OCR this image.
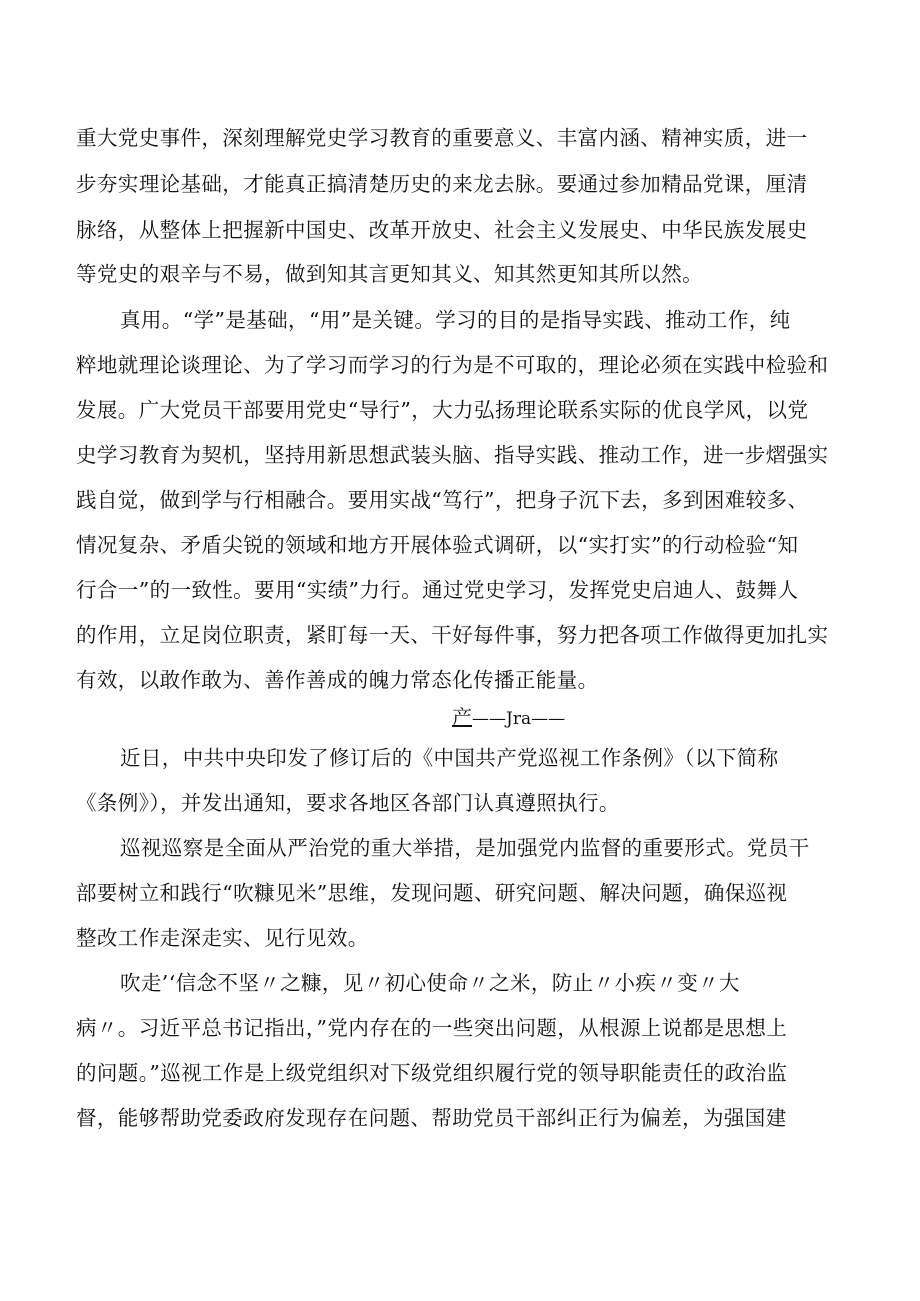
重大党史事件，深刻理解党史学习教育的重要意义、丰富内涵、精神实质，进一
步夯实理论基础，才能真正搞清楚历史的来龙去脉。要通过参加精品党课，厘清
脉络，从整体上把握新中国史、改革开放史、社会主义发展史、中华民族发展史
等党史的艰辛与不易，做到知其言更知其义、知其然更知其所以然。
真用。“学”是基础，“用”是关键。学习的目的是指导实践、推动工作，纯
粹地就理论谈理论、为了学习而学习的行为是不可取的，理论必须在实践中检验和
发展。广大党员干部要用党史“导行”，大力弘扬理论联系实际的优良学风，以党
史学习教育为契机，坚持用新思想武装头脑、指导实践、推动工作，进一步熠强实
践自觉，做到学与行相融合。要用实战“笃行”，把身子沉下去，多到困难较多、
情况复杂、矛盾尖锐的领域和地方开展体验式调研，以“实打实”的行动检验“知
行合一”的一致性。要用“实绩”力行。通过党史学习，发挥党史启迪人、鼓舞人
的作用，立足岗位职责，紧盯每一天、干好每件事，努力把各项工作做得更加扎实
有效，以敢作敢为、善作善成的魄力常态化传播正能量。
产——Jra——
近日，中共中央印发了修订后的《中国共产党巡视工作条例》（以下简称
《条例》），并发出通知，要求各地区各部门认真遵照执行。
巡视巡察是全面从严治党的重大举措，是加强党内监督的重要形式。党员干
部要树立和践行“吹糠见米”思维，发现问题、研究问题、解决问题，确保巡视
整改工作走深走实、见行见效。
吹走’‘信念不坚〃之糠，见〃初心使命〃之米，防止〃小疾〃变〃大
病〃。习近平总书记指出，”党内存在的一些突出问题，从根源上说都是思想上
的问题。”巡视工作是上级党组织对下级党组织履行党的领导职能责任的政治监
督，能够帮助党委政府发现存在问题、帮助党员干部纠正行为偏差，为强国建
